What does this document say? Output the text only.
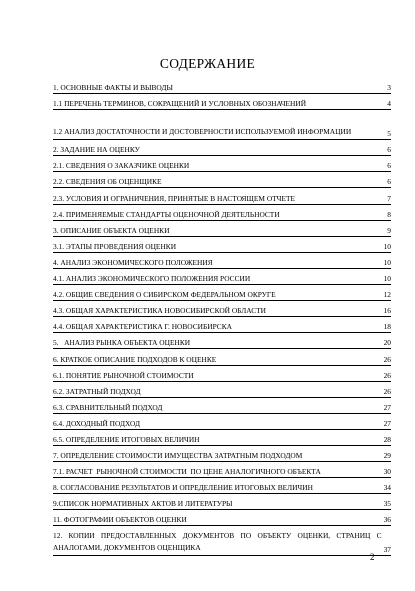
СОДЕРЖАНИЕ
1. ОСНОВНЫЕ ФАКТЫ И ВЫВОДЫ	3
1.1 ПЕРЕЧЕНЬ ТЕРМИНОВ, СОКРАЩЕНИЙ И УСЛОВНЫХ ОБОЗНАЧЕНИЙ	4
1.2 АНАЛИЗ ДОСТАТОЧНОСТИ И ДОСТОВЕРНОСТИ ИСПОЛЬЗУЕМОЙ ИНФОРМАЦИИ	5
2. ЗАДАНИЕ НА ОЦЕНКУ	6
2.1. СВЕДЕНИЯ О ЗАКАЗЧИКЕ ОЦЕНКИ	6
2.2. СВЕДЕНИЯ ОБ ОЦЕНЩИКЕ	6
2.3. УСЛОВИЯ И ОГРАНИЧЕНИЯ, ПРИНЯТЫЕ В НАСТОЯЩЕМ ОТЧЕТЕ	7
2.4. ПРИМЕНЯЕМЫЕ СТАНДАРТЫ ОЦЕНОЧНОЙ ДЕЯТЕЛЬНОСТИ	8
3. ОПИСАНИЕ ОБЪЕКТА ОЦЕНКИ	9
3.1. ЭТАПЫ ПРОВЕДЕНИЯ ОЦЕНКИ	10
4. АНАЛИЗ ЭКОНОМИЧЕСКОГО ПОЛОЖЕНИЯ	10
4.1. АНАЛИЗ ЭКОНОМИЧЕСКОГО ПОЛОЖЕНИЯ РОССИИ	10
4.2. ОБЩИЕ СВЕДЕНИЯ О СИБИРСКОМ ФЕДЕРАЛЬНОМ ОКРУГЕ	12
4.3. ОБЩАЯ ХАРАКТЕРИСТИКА НОВОСИБИРСКОЙ ОБЛАСТИ	16
4.4. ОБЩАЯ ХАРАКТЕРИСТИКА Г. НОВОСИБИРСКА	18
5.   АНАЛИЗ РЫНКА ОБЪЕКТА ОЦЕНКИ	20
6. КРАТКОЕ ОПИСАНИЕ ПОДХОДОВ К ОЦЕНКЕ	26
6.1. ПОНЯТИЕ РЫНОЧНОЙ СТОИМОСТИ	26
6.2. ЗАТРАТНЫЙ ПОДХОД	26
6.3. СРАВНИТЕЛЬНЫЙ ПОДХОД	27
6.4. ДОХОДНЫЙ ПОДХОД	27
6.5. ОПРЕДЕЛЕНИЕ ИТОГОВЫХ ВЕЛИЧИН	28
7. ОПРЕДЕЛЕНИЕ СТОИМОСТИ ИМУЩЕСТВА ЗАТРАТНЫМ ПОДХОДОМ	29
7.1. РАСЧЕТ  РЫНОЧНОЙ СТОИМОСТИ  ПО ЦЕНЕ АНАЛОГИЧНОГО ОБЪЕКТА	30
8. СОГЛАСОВАНИЕ РЕЗУЛЬТАТОВ И ОПРЕДЕЛЕНИЕ ИТОГОВЫХ ВЕЛИЧИН	34
9.СПИСОК НОРМАТИВНЫХ АКТОВ И ЛИТЕРАТУРЫ	35
11. ФОТОГРАФИИ ОБЪЕКТОВ ОЦЕНКИ	36
12. КОПИИ ПРЕДОСТАВЛЕННЫХ ДОКУМЕНТОВ ПО ОБЪЕКТУ ОЦЕНКИ, СТРАНИЦ С АНАЛОГАМИ, ДОКУМЕНТОВ ОЦЕНЩИКА	37
2
